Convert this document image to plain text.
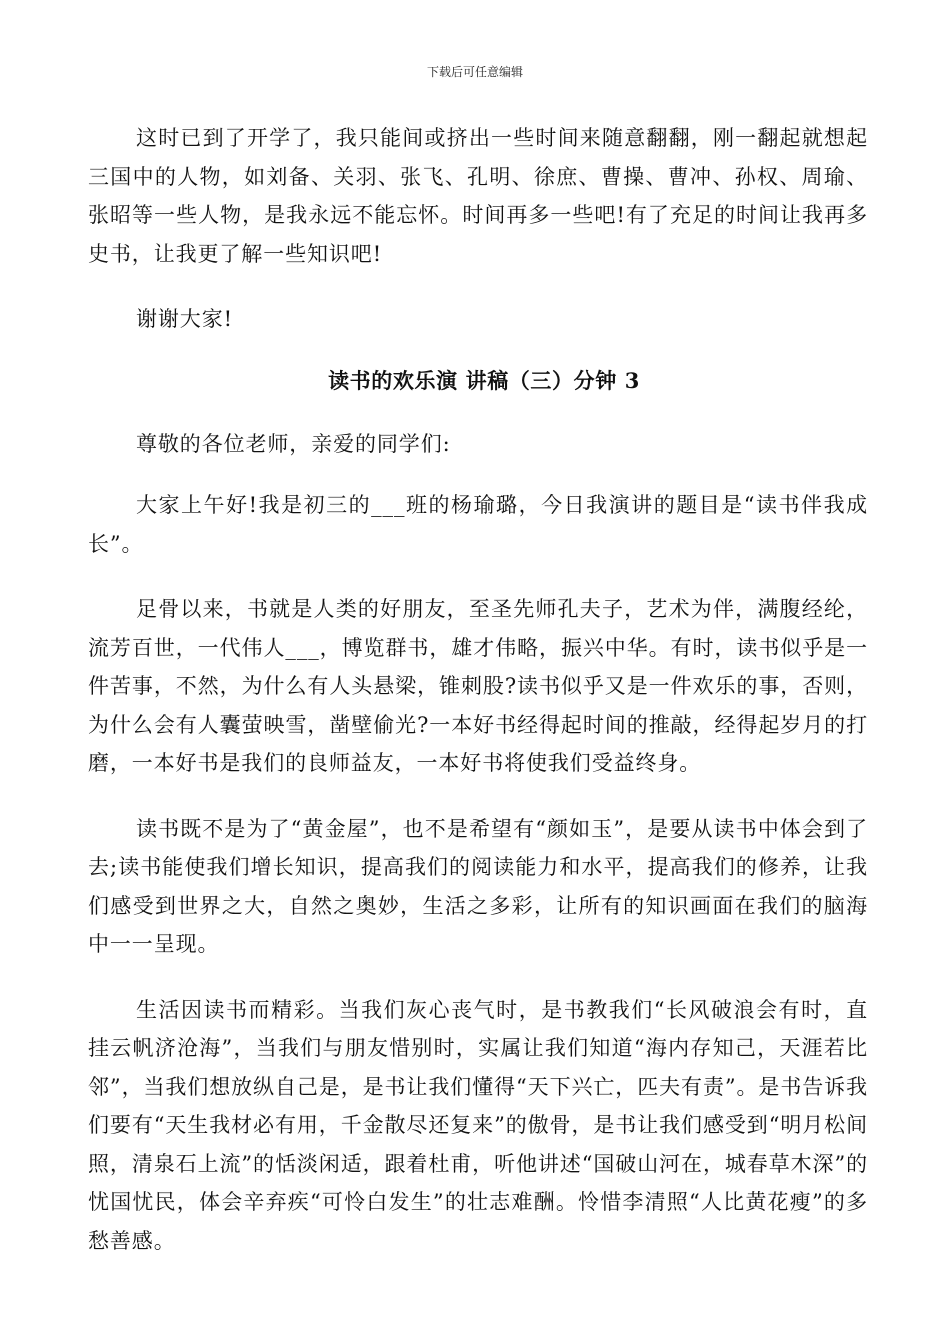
下载后可任意编辑

这时已到了开学了，我只能间或挤出一些时间来随意翻翻，刚一翻起就想起三国中的人物，如刘备、关羽、张飞、孔明、徐庶、曹操、曹冲、孙权、周瑜、张昭等一些人物，是我永远不能忘怀。时间再多一些吧!有了充足的时间让我再多史书，让我更了解一些知识吧!

谢谢大家!

读书的欢乐演 讲稿（三）分钟 3

尊敬的各位老师，亲爱的同学们:

大家上午好!我是初三的___班的杨瑜璐，今日我演讲的题目是“读书伴我成长”。

足骨以来，书就是人类的好朋友，至圣先师孔夫子，艺术为伴，满腹经纶，流芳百世，一代伟人___，博览群书，雄才伟略，振兴中华。有时，读书似乎是一件苦事，不然，为什么有人头悬梁，锥刺股?读书似乎又是一件欢乐的事，否则，为什么会有人囊萤映雪，凿壁偷光?一本好书经得起时间的推敲，经得起岁月的打磨，一本好书是我们的良师益友，一本好书将使我们受益终身。

读书既不是为了“黄金屋”，也不是希望有“颜如玉”，是要从读书中体会到了去;读书能使我们增长知识，提高我们的阅读能力和水平，提高我们的修养，让我们感受到世界之大，自然之奥妙，生活之多彩，让所有的知识画面在我们的脑海中一一呈现。

生活因读书而精彩。当我们灰心丧气时，是书教我们“长风破浪会有时，直挂云帆济沧海”，当我们与朋友惜别时，实属让我们知道“海内存知己，天涯若比邻”，当我们想放纵自己是，是书让我们懂得“天下兴亡，匹夫有责”。是书告诉我们要有“天生我材必有用，千金散尽还复来”的傲骨，是书让我们感受到“明月松间照，清泉石上流”的恬淡闲适，跟着杜甫，听他讲述“国破山河在，城春草木深”的忧国忧民，体会辛弃疾“可怜白发生”的壮志难酬。怜惜李清照“人比黄花瘦”的多愁善感。
